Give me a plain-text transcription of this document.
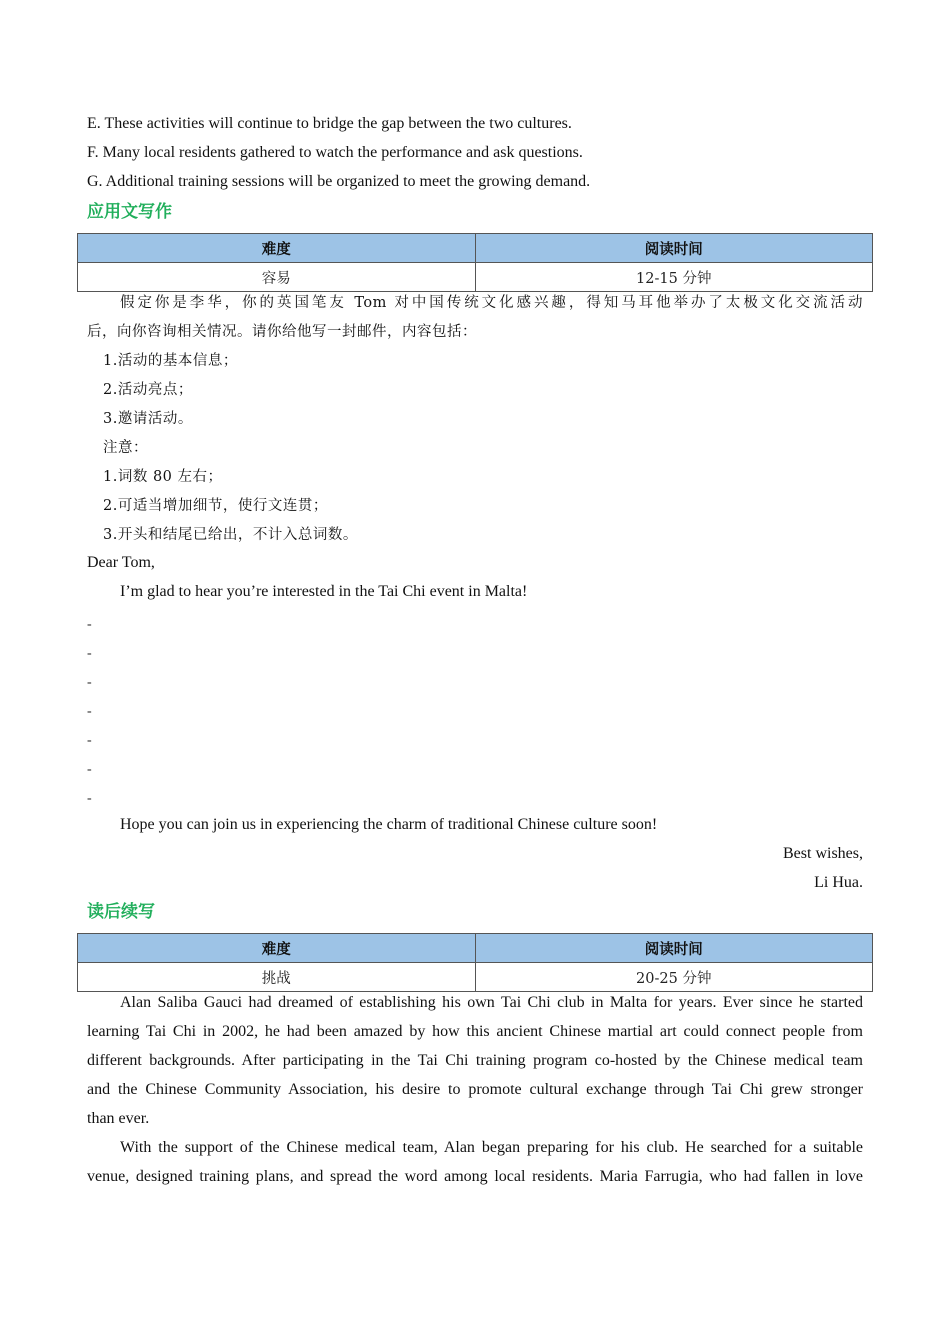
E. These activities will continue to bridge the gap between the two cultures.
F. Many local residents gathered to watch the performance and ask questions.
G. Additional training sessions will be organized to meet the growing demand.
应用文写作
难度	阅读时间
容易	12-15 分钟
假定你是李华，你的英国笔友 Tom 对中国传统文化感兴趣，得知马耳他举办了太极文化交流活动
后，向你咨询相关情况。请你给他写一封邮件，内容包括：
1.活动的基本信息；
2.活动亮点；
3.邀请活动。
注意：
1.词数 80 左右；
2.可适当增加细节，使行文连贯；
3.开头和结尾已给出，不计入总词数。
Dear Tom,
I’m glad to hear you’re interested in the Tai Chi event in Malta!
-
-
-
-
-
-
-
Hope you can join us in experiencing the charm of traditional Chinese culture soon!
Best wishes,
Li Hua.
读后续写
难度	阅读时间
挑战	20-25 分钟
Alan Saliba Gauci had dreamed of establishing his own Tai Chi club in Malta for years. Ever since he started
learning Tai Chi in 2002, he had been amazed by how this ancient Chinese martial art could connect people from
different backgrounds. After participating in the Tai Chi training program co-hosted by the Chinese medical team
and the Chinese Community Association, his desire to promote cultural exchange through Tai Chi grew stronger
than ever.
With the support of the Chinese medical team, Alan began preparing for his club. He searched for a suitable
venue, designed training plans, and spread the word among local residents. Maria Farrugia, who had fallen in love
